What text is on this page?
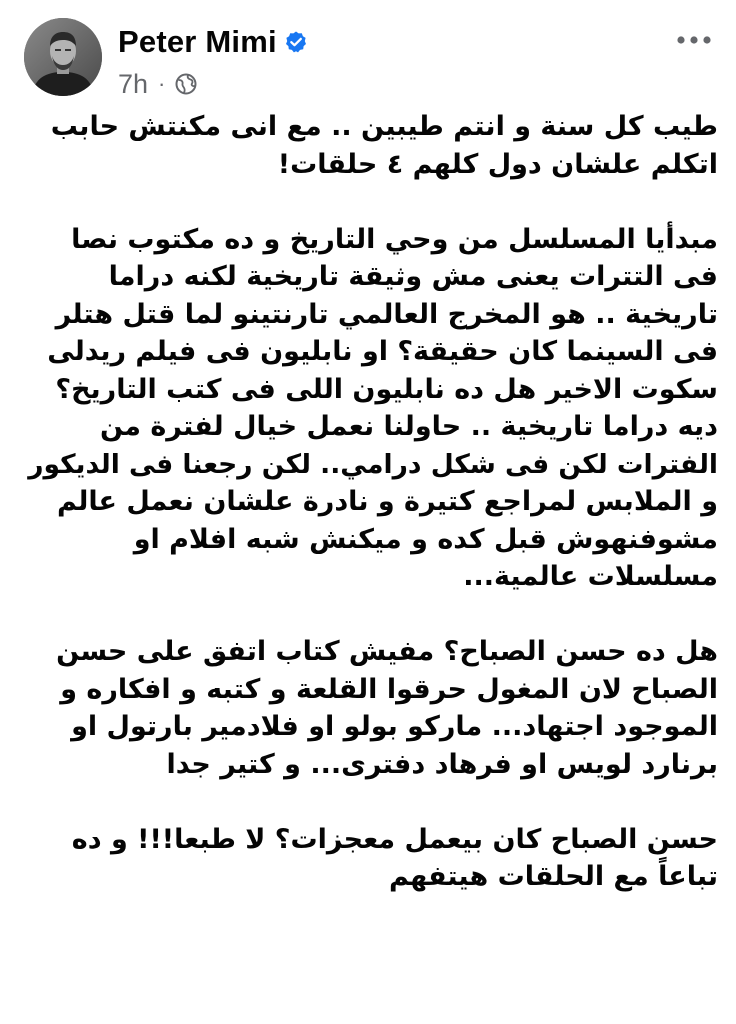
Peter Mimi
7h ·

طيب كل سنة و انتم طيبين .. مع انى مكنتش حابب
اتكلم علشان دول كلهم ٤ حلقات!

مبدأيا المسلسل من وحي التاريخ و ده مكتوب نصا
فى التترات يعنى مش وثيقة تاريخية لكنه دراما
تاريخية .. هو المخرج العالمي تارنتينو لما قتل هتلر
فى السينما كان حقيقة؟ او نابليون فى فيلم ريدلى
سكوت الاخير هل ده نابليون اللى فى كتب التاريخ؟
ديه دراما تاريخية .. حاولنا نعمل خيال لفترة من
الفترات لكن فى شكل درامي.. لكن رجعنا فى الديكور
و الملابس لمراجع كتيرة و نادرة علشان نعمل عالم
مشوفنهوش قبل كده و ميكنش شبه افلام او
مسلسلات عالمية...

هل ده حسن الصباح؟ مفيش كتاب اتفق على حسن
الصباح لان المغول حرقوا القلعة و كتبه و افكاره و
الموجود اجتهاد... ماركو بولو او فلادمير بارتول او
برنارد لويس او فرهاد دفترى... و كتير جدا

حسن الصباح كان بيعمل معجزات؟ لا طبعا!!! و ده
تباعاً مع الحلقات هيتفهم
